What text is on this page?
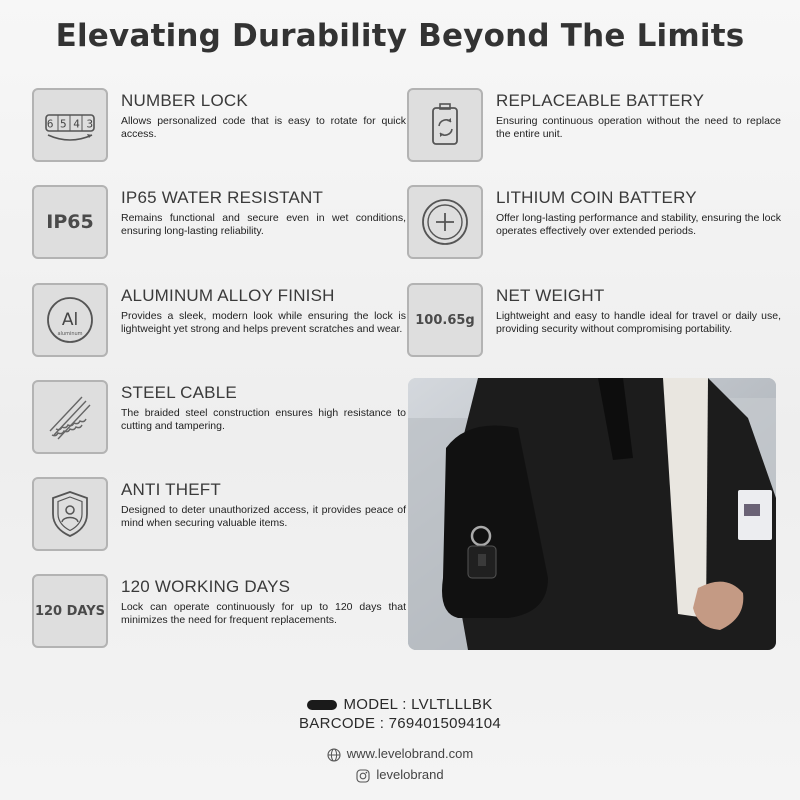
Elevating Durability Beyond The Limits
6 5 4 3
NUMBER LOCK
Allows personalized code that is easy to rotate for quick access.
REPLACEABLE BATTERY
Ensuring continuous operation without the need to replace the entire unit.
IP65
IP65 WATER RESISTANT
Remains functional and secure even in wet conditions, ensuring long-lasting reliability.
LITHIUM COIN BATTERY
Offer long-lasting performance and stability, ensuring the lock operates effectively over extended periods.
Al
aluminum
ALUMINUM ALLOY FINISH
Provides a sleek, modern look while ensuring the lock is lightweight yet strong and helps prevent scratches and wear.
100.65g
NET WEIGHT
Lightweight and easy to handle ideal for travel or daily use, providing security without compromising portability.
STEEL CABLE
The braided steel construction ensures high resistance to cutting and tampering.
ANTI THEFT
Designed to deter unauthorized access, it provides peace of mind when securing valuable items.
120 DAYS
120 WORKING DAYS
Lock can operate continuously for up to 120 days that minimizes the need for frequent replacements.
MODEL : LVLTLLLBK
BARCODE : 7694015094104
www.levelobrand.com
levelobrand
